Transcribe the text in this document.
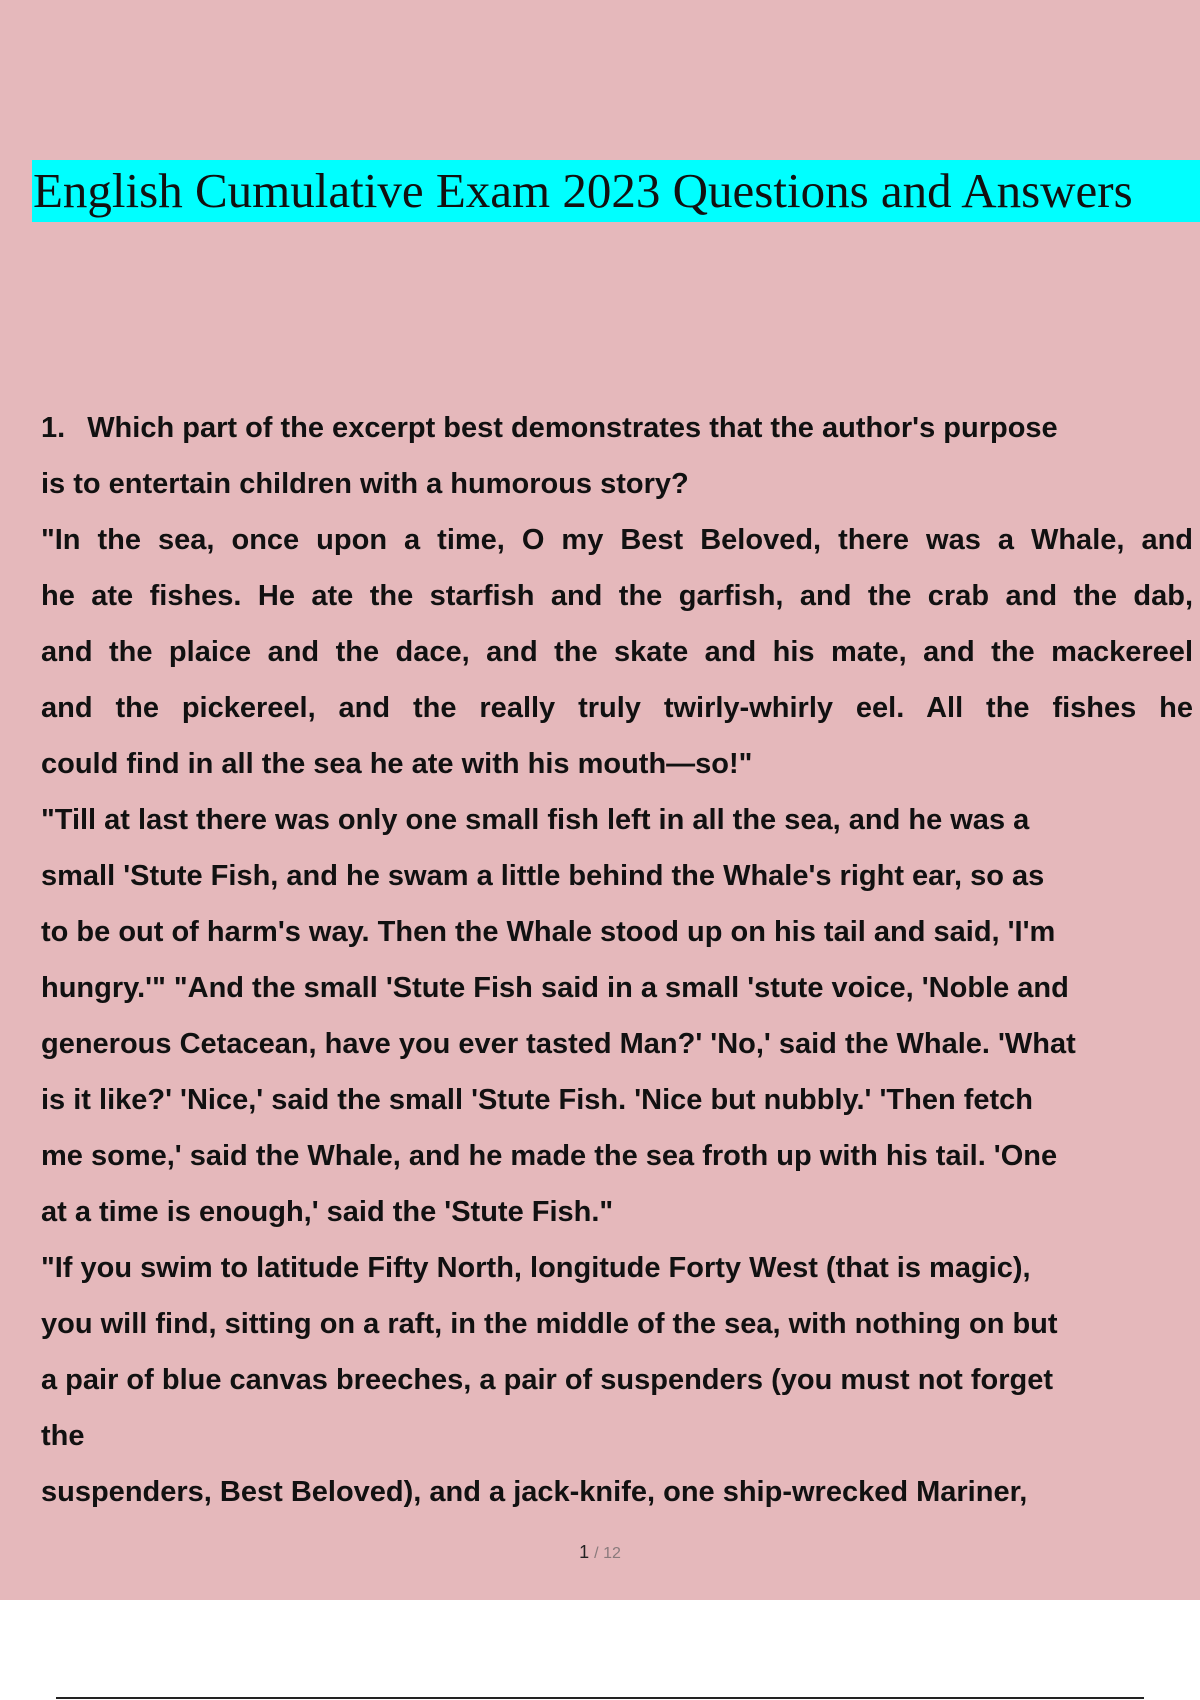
English Cumulative Exam 2023 Questions and Answers

1. Which part of the excerpt best demonstrates that the author's purpose

is to entertain children with a humorous story?

"In the sea, once upon a time, O my Best Beloved, there was a Whale, and

he ate fishes. He ate the starfish and the garfish, and the crab and the dab,

and the plaice and the dace, and the skate and his mate, and the mackereel

and the pickereel, and the really truly twirly-whirly eel. All the fishes he

could find in all the sea he ate with his mouth—so!"

"Till at last there was only one small fish left in all the sea, and he was a

small 'Stute Fish, and he swam a little behind the Whale's right ear, so as

to be out of harm's way. Then the Whale stood up on his tail and said, 'I'm

hungry.'" "And the small 'Stute Fish said in a small 'stute voice, 'Noble and

generous Cetacean, have you ever tasted Man?' 'No,' said the Whale. 'What

is it like?' 'Nice,' said the small 'Stute Fish. 'Nice but nubbly.' 'Then fetch

me some,' said the Whale, and he made the sea froth up with his tail. 'One

at a time is enough,' said the 'Stute Fish."

"If you swim to latitude Fifty North, longitude Forty West (that is magic),

you will find, sitting on a raft, in the middle of the sea, with nothing on but

a pair of blue canvas breeches, a pair of suspenders (you must not forget

the

suspenders, Best Beloved), and a jack-knife, one ship-wrecked Mariner,

1 / 12
